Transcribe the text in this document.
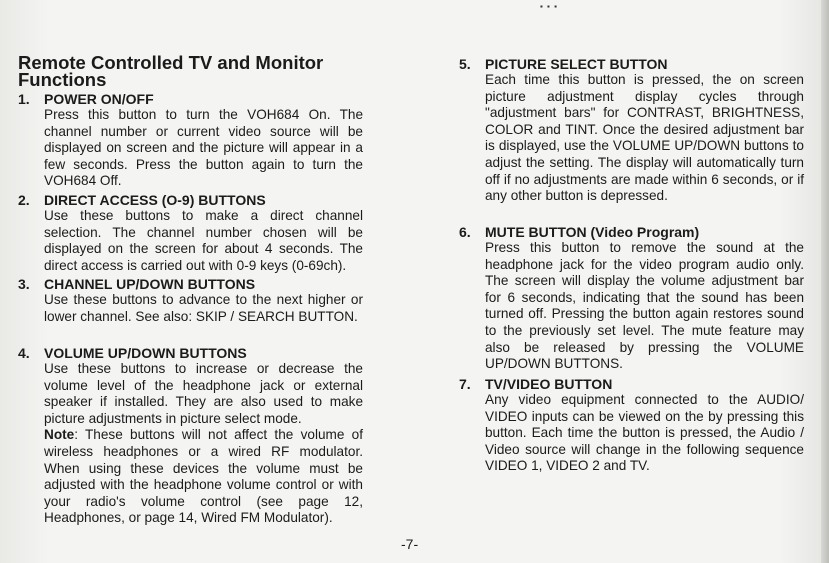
▪ ▪ ▪
Remote Controlled TV and Monitor Functions
1. POWER ON/OFF
Press this button to turn the VOH684 On. The channel number or current video source will be displayed on screen and the picture will appear in a few seconds. Press the button again to turn the VOH684 Off.
2. DIRECT ACCESS (O-9) BUTTONS
Use these buttons to make a direct channel selection. The channel number chosen will be displayed on the screen for about 4 seconds. The direct access is carried out with 0-9 keys (0-69ch).
3. CHANNEL UP/DOWN BUTTONS
Use these buttons to advance to the next higher or lower channel. See also: SKIP / SEARCH BUTTON.
4. VOLUME UP/DOWN BUTTONS
Use these buttons to increase or decrease the volume level of the headphone jack or external speaker if installed. They are also used to make picture adjustments in picture select mode.
Note: These buttons will not affect the volume of wireless headphones or a wired RF modulator. When using these devices the volume must be adjusted with the headphone volume control or with your radio's volume control (see page 12, Headphones, or page 14, Wired FM Modulator).
5. PICTURE SELECT BUTTON
Each time this button is pressed, the on screen picture adjustment display cycles through "adjustment bars" for CONTRAST, BRIGHTNESS, COLOR and TINT. Once the desired adjustment bar is displayed, use the VOLUME UP/DOWN buttons to adjust the setting. The display will automatically turn off if no adjustments are made within 6 seconds, or if any other button is depressed.
6. MUTE BUTTON (Video Program)
Press this button to remove the sound at the headphone jack for the video program audio only. The screen will display the volume adjustment bar for 6 seconds, indicating that the sound has been turned off. Pressing the button again restores sound to the previously set level. The mute feature may also be released by pressing the VOLUME UP/DOWN BUTTONS.
7. TV/VIDEO BUTTON
Any video equipment connected to the AUDIO/ VIDEO inputs can be viewed on the by pressing this button. Each time the button is pressed, the Audio / Video source will change in the following sequence VIDEO 1, VIDEO 2 and TV.
-7-
